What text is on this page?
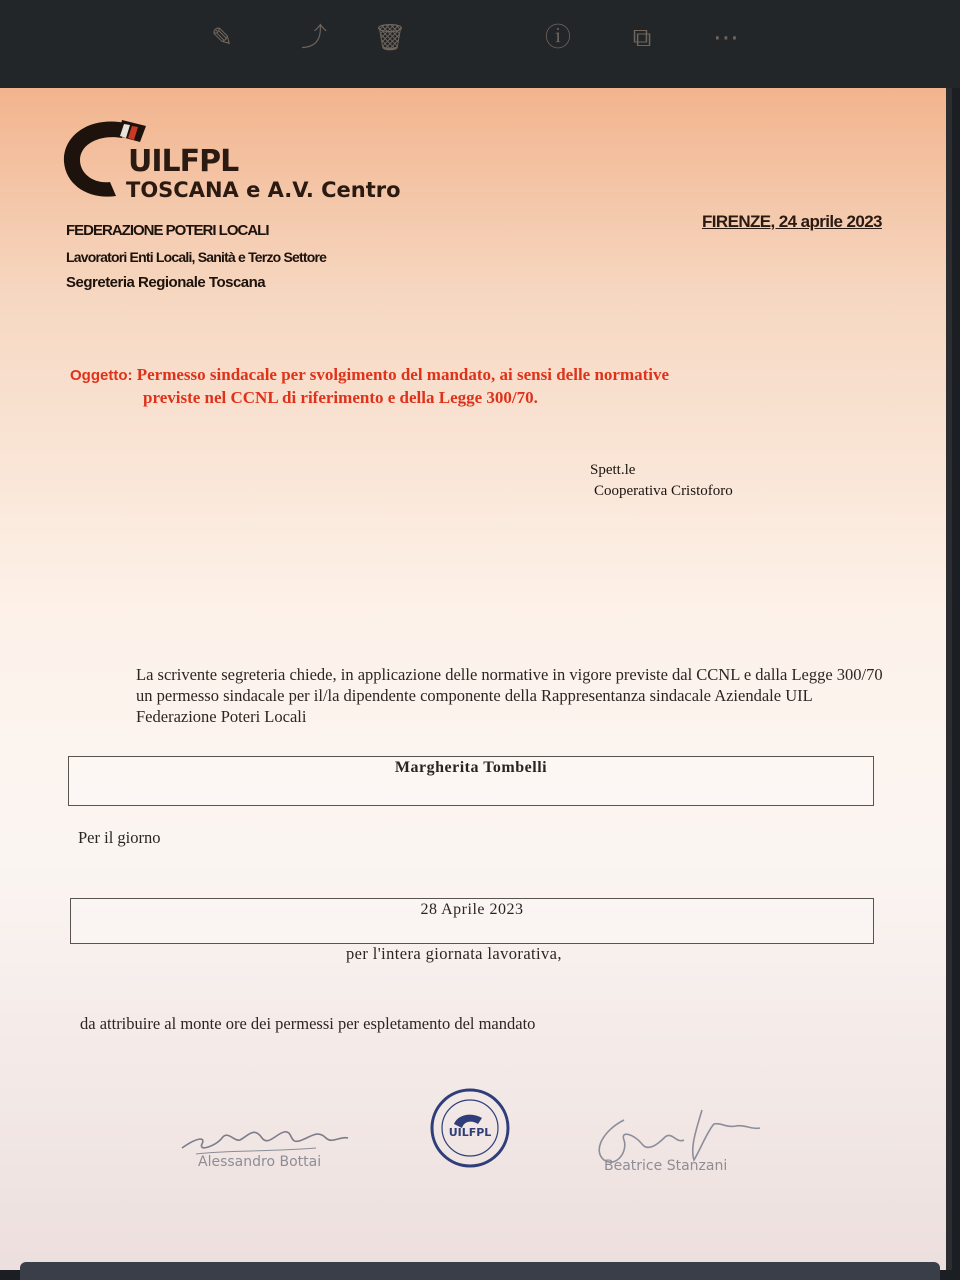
✎	⤴ 🗑	ⓘ	⧉	⋯
UILFPL
TOSCANA e A.V. Centro
FEDERAZIONE POTERI LOCALI
Lavoratori Enti Locali, Sanità e Terzo Settore
Segreteria Regionale Toscana
FIRENZE, 24 aprile 2023
Oggetto: Permesso sindacale per svolgimento del mandato, ai sensi delle normative
previste nel CCNL di riferimento e della Legge 300/70.
Spett.le
Cooperativa Cristoforo
La scrivente segreteria chiede, in applicazione delle normative in vigore previste dal CCNL e dalla Legge 300/70 un permesso sindacale per il/la dipendente componente della Rappresentanza sindacale Aziendale UIL Federazione Poteri Locali
Margherita Tombelli
Per il giorno
28 Aprile 2023
per l'intera giornata lavorativa,
da attribuire al monte ore dei permessi per espletamento del mandato
Alessandro Bottai
UILFPL
Beatrice Stanzani
